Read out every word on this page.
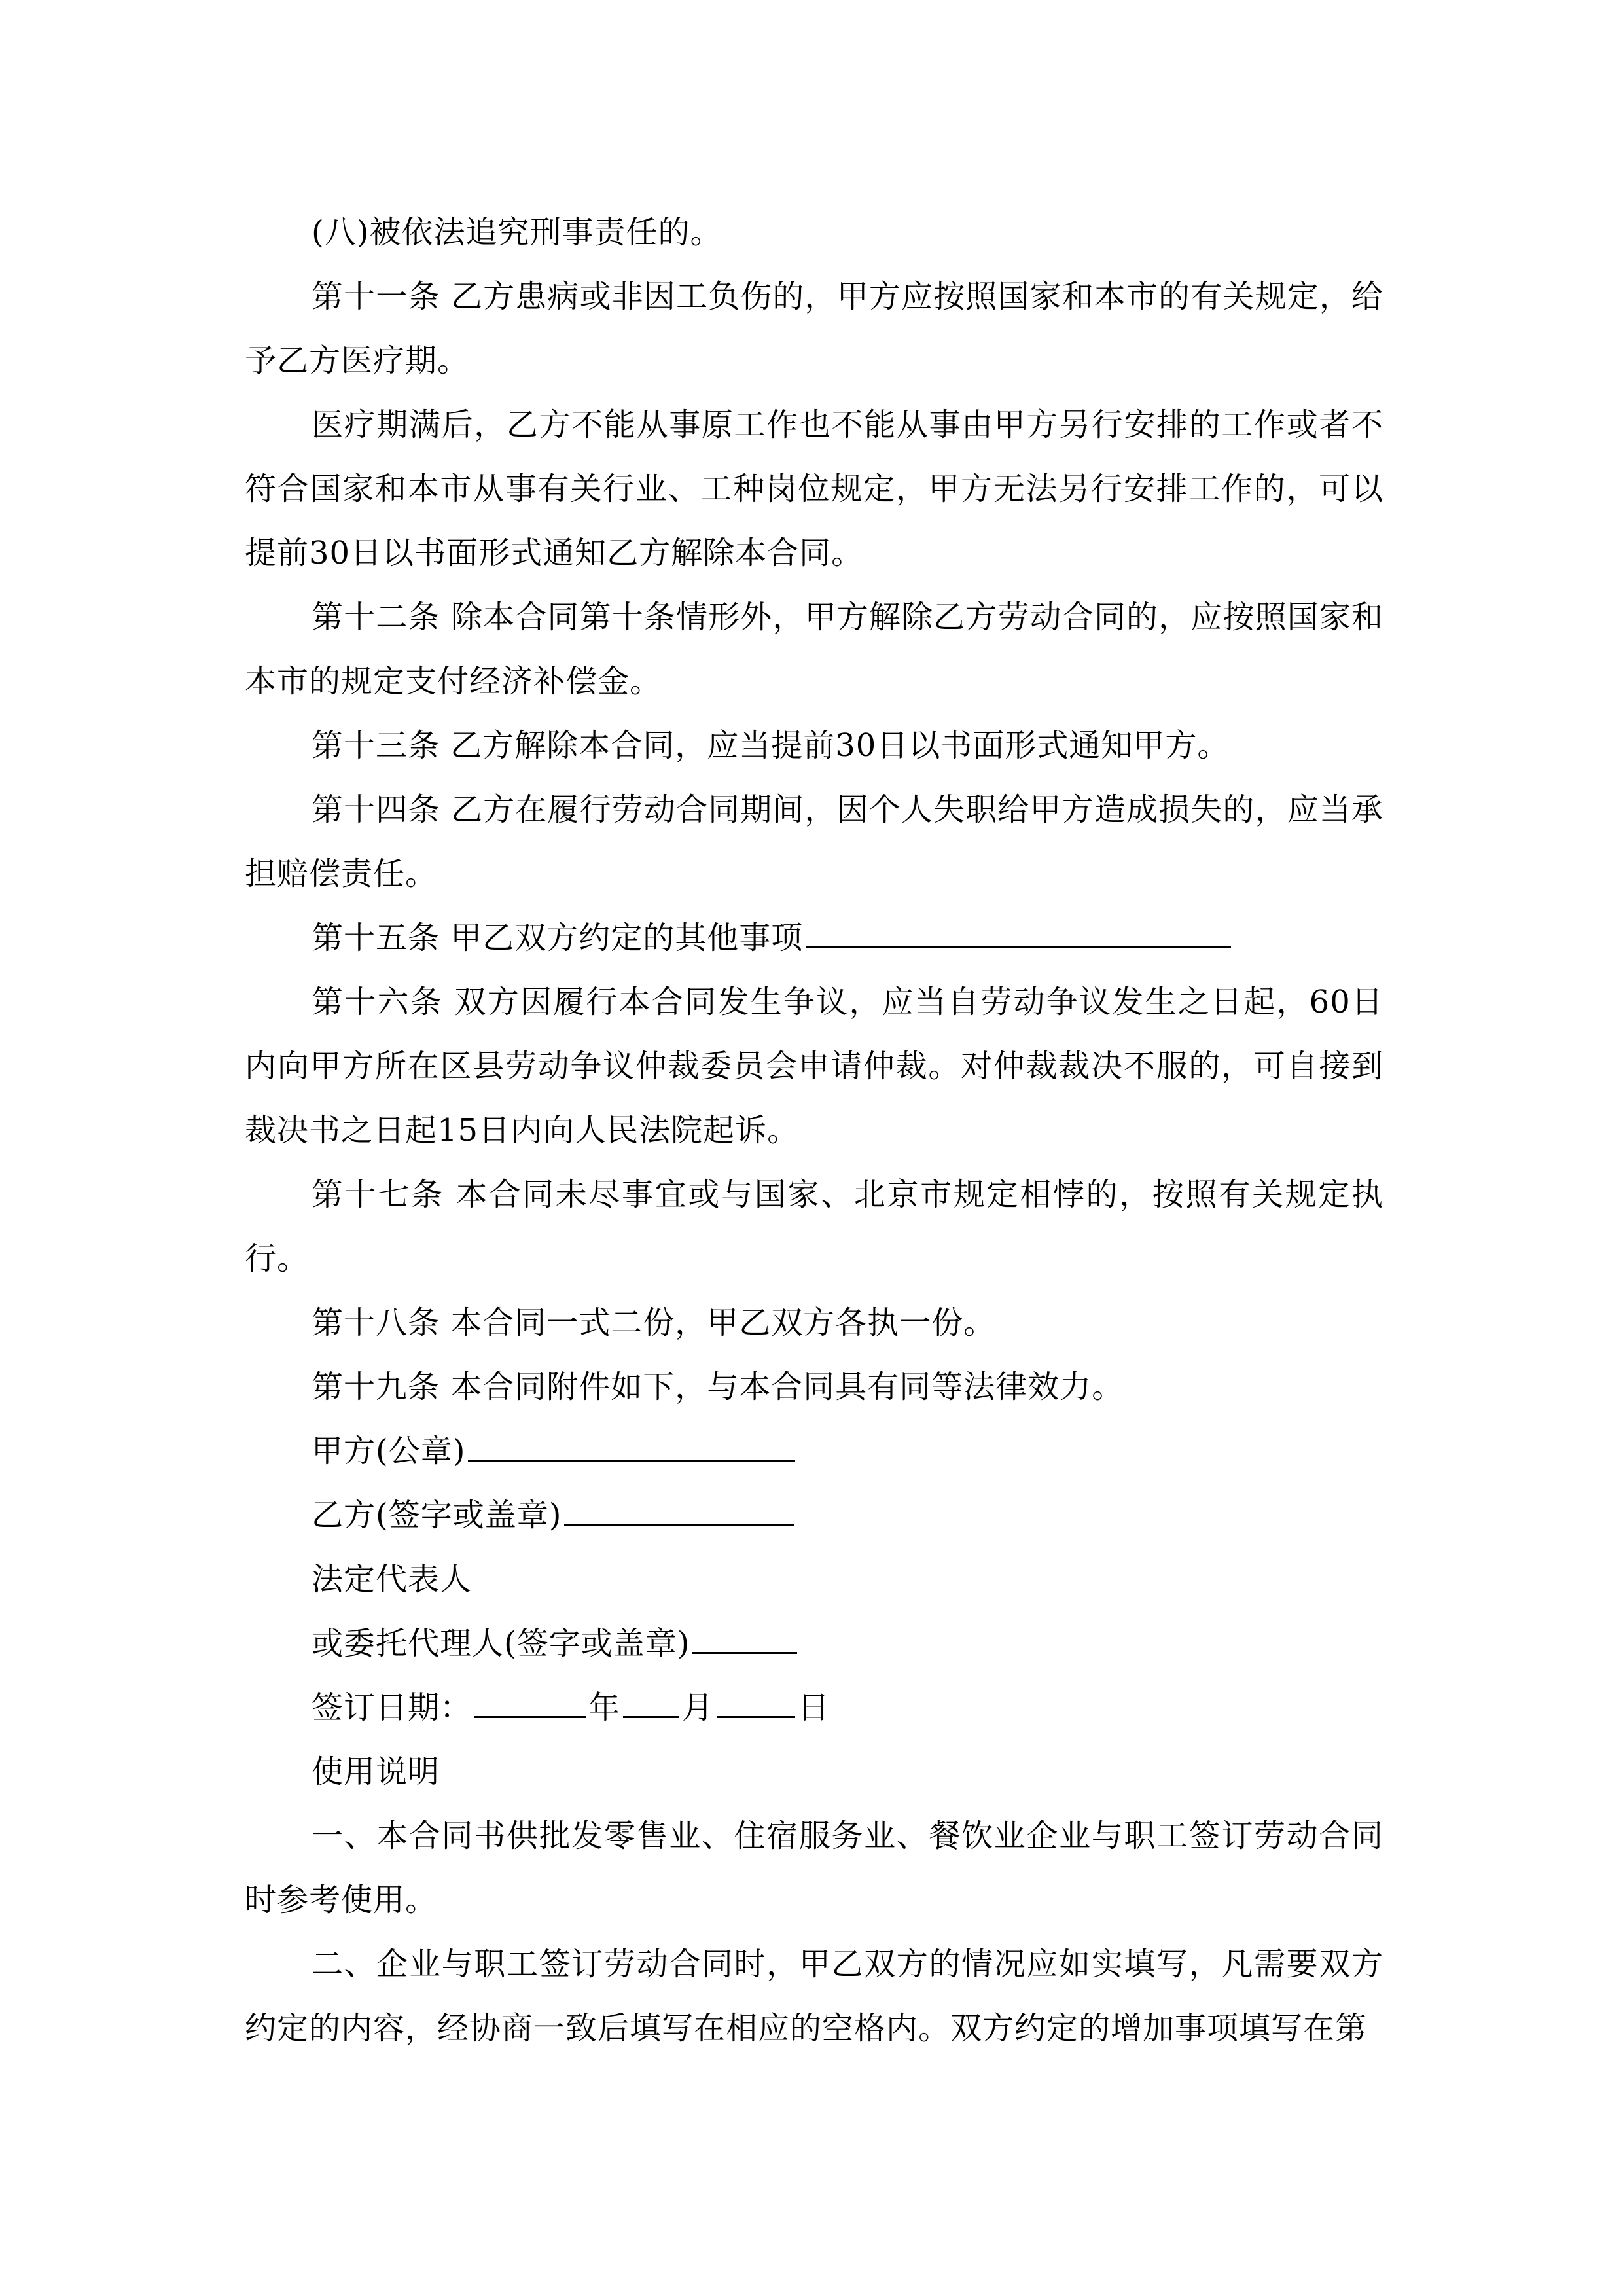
(八)被依法追究刑事责任的。

第十一条 乙方患病或非因工负伤的，甲方应按照国家和本市的有关规定，给予乙方医疗期。

医疗期满后，乙方不能从事原工作也不能从事由甲方另行安排的工作或者不符合国家和本市从事有关行业、工种岗位规定，甲方无法另行安排工作的，可以提前30日以书面形式通知乙方解除本合同。

第十二条 除本合同第十条情形外，甲方解除乙方劳动合同的，应按照国家和本市的规定支付经济补偿金。

第十三条 乙方解除本合同，应当提前30日以书面形式通知甲方。

第十四条 乙方在履行劳动合同期间，因个人失职给甲方造成损失的，应当承担赔偿责任。

第十五条 甲乙双方约定的其他事项

第十六条 双方因履行本合同发生争议，应当自劳动争议发生之日起，60日内向甲方所在区县劳动争议仲裁委员会申请仲裁。对仲裁裁决不服的，可自接到裁决书之日起15日内向人民法院起诉。

第十七条 本合同未尽事宜或与国家、北京市规定相悖的，按照有关规定执行。

第十八条 本合同一式二份，甲乙双方各执一份。

第十九条 本合同附件如下，与本合同具有同等法律效力。

甲方(公章)

乙方(签字或盖章)

法定代表人

或委托代理人(签字或盖章)

签订日期：	年 月	日

使用说明

一、本合同书供批发零售业、住宿服务业、餐饮业企业与职工签订劳动合同时参考使用。

二、企业与职工签订劳动合同时，甲乙双方的情况应如实填写，凡需要双方约定的内容，经协商一致后填写在相应的空格内。双方约定的增加事项填写在第
